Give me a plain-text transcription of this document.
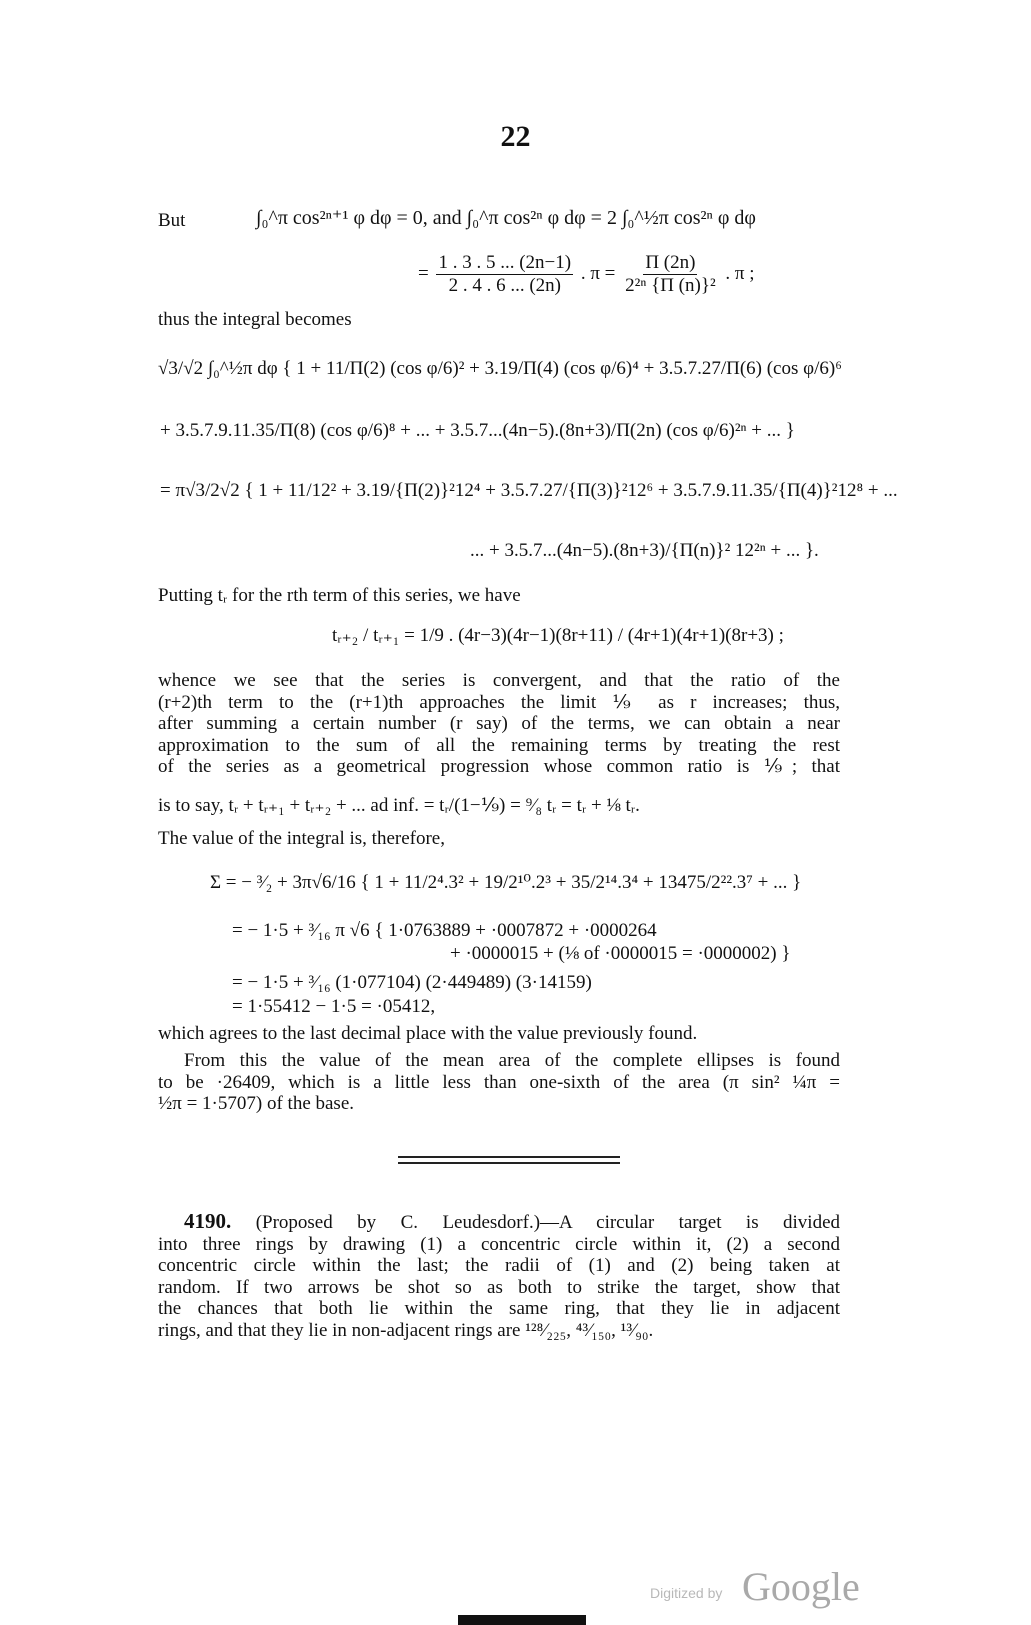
22
But	∫₀^π cos²ⁿ⁺¹ φ dφ = 0, and ∫₀^π cos²ⁿ φ dφ = 2 ∫₀^½π cos²ⁿ φ dφ
= $\frac{1 . 3 . 5 ... (2n-1)}{2 . 4 . 6 ... (2n)}$ . $\pi = \frac{\Pi (2n)}{\text{2²ⁿ \{Π (n)\}²}}$ . π ;
thus the integral becomes
√3/√2 ∫₀^½π dφ { 1 + 11/Π(2) (cos φ/6)² + 3.19/Π(4) (cos φ/6)⁴ + 3.5.7.27/Π(6) (cos φ/6)⁶
+ 3.5.7.9.11.35/Π(8) (cos φ/6)⁸ + ... + 3.5.7...(4n−5).(8n+3)/Π(2n) (cos φ/6)²ⁿ + ... }
= π√3/2√2 { 1 + 11/12² + 3.19/{Π(2)}²12⁴ + 3.5.7.27/{Π(3)}²12⁶ + 3.5.7.9.11.35/{Π(4)}²12⁸ + ...
... + 3.5.7...(4n−5).(8n+3)/{Π(n)}² 12²ⁿ + ... }.
Putting tᵣ for the rth term of this series, we have
tᵣ₊₂ / tᵣ₊₁ = 1/9 . (4r−3)(4r−1)(8r+11) / (4r+1)(4r+1)(8r+3) ;
whence we see that the series is convergent, and that the ratio of the
(r+2)th term to the (r+1)th approaches the limit ⅑ as r increases; thus,
after summing a certain number (r say) of the terms, we can obtain a near
approximation to the sum of all the remaining terms by treating the rest
of the series as a geometrical progression whose common ratio is ⅑; that
is to say, tᵣ + tᵣ₊₁ + tᵣ₊₂ + ... ad inf. = tᵣ/(1−⅑) = ⁹⁄₈ tᵣ = tᵣ + ⅛ tᵣ.
The value of the integral is, therefore,
Σ = − ³⁄₂ + 3π√6/16 { 1 + 11/2⁴.3² + 19/2¹⁰.2³ + 35/2¹⁴.3⁴ + 13475/2²².3⁷ + ... }
= − 1·5 + ³⁄₁₆ π √6 { 1·0763889 + ·0007872 + ·0000264
+ ·0000015 + (⅛ of ·0000015 = ·0000002) }
= − 1·5 + ³⁄₁₆ (1·077104) (2·449489) (3·14159)
= 1·55412 − 1·5 = ·05412,
which agrees to the last decimal place with the value previously found.
From this the value of the mean area of the complete ellipses is found
to be ·26409, which is a little less than one-sixth of the area (π sin² ¼π =
½π = 1·5707) of the base.
4190. (Proposed by C. Leudesdorf.)—A circular target is divided
into three rings by drawing (1) a concentric circle within it, (2) a second
concentric circle within the last; the radii of (1) and (2) being taken at
random. If two arrows be shot so as both to strike the target, show that
the chances that both lie within the same ring, that they lie in adjacent
rings, and that they lie in non-adjacent rings are ¹²⁸⁄₂₂₅, ⁴³⁄₁₅₀, ¹³⁄₉₀.
Digitized by Google
